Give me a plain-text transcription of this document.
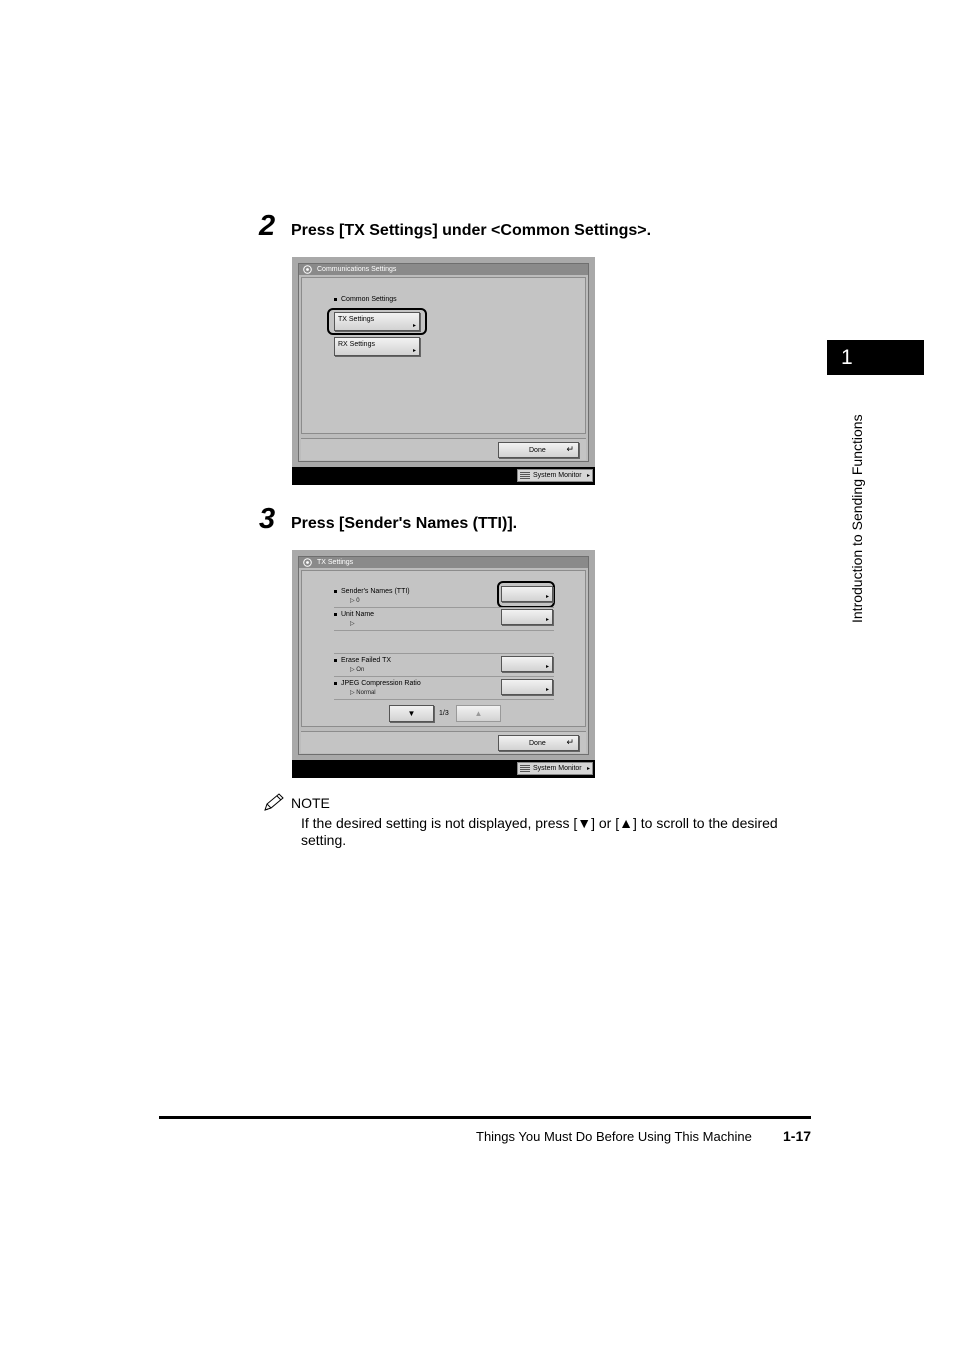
1
Introduction to Sending Functions
2 Press [TX Settings] under <Common Settings>.
Communications Settings
Common Settings
TX Settings
▸
RX Settings
▸
Done ↵
System Monitor ▸
3 Press [Sender's Names (TTI)].
TX Settings
Sender's Names (TTI)
▷ 0
▸
Unit Name
▷
▸
Erase Failed TX
▷ On	▸
JPEG Compression Ratio
▷ Normal	▸
▼	1/3	▲
Done ↵
System Monitor ▸
NOTE
If the desired setting is not displayed, press [▼] or [▲] to scroll to the desired setting.
Things You Must Do Before Using This Machine 1-17
